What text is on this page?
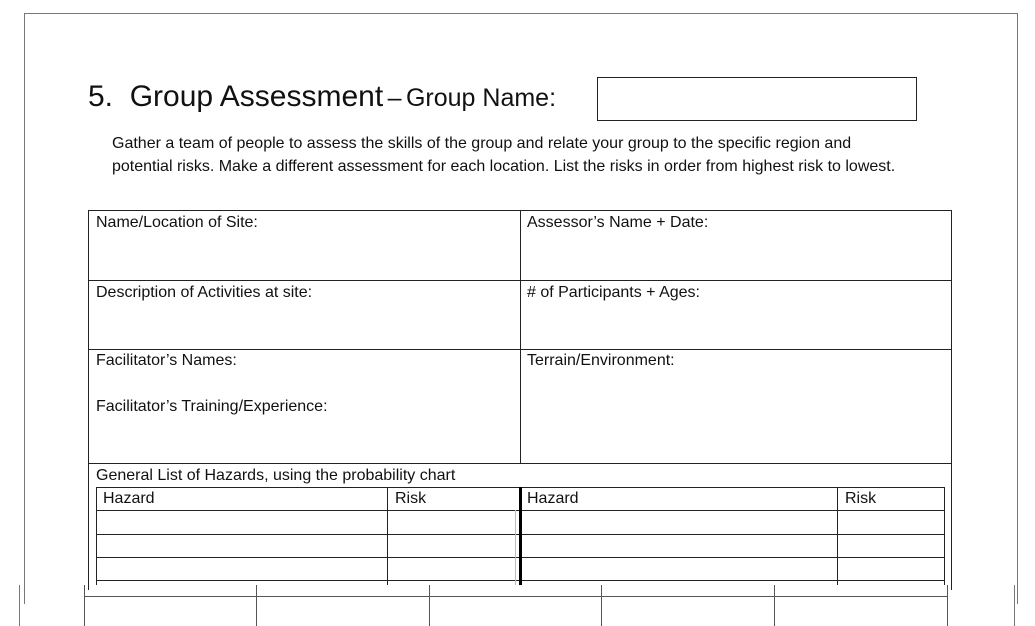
5. Group Assessment – Group Name:
Gather a team of people to assess the skills of the group and relate your group to the specific region and potential risks. Make a different assessment for each location. List the risks in order from highest risk to lowest.
Name/Location of Site:	Assessor’s Name + Date:
Description of Activities at site:	# of Participants + Ages:
Facilitator’s Names:	Terrain/Environment:
Facilitator’s Training/Experience:
General List of Hazards, using the probability chart
Hazard	Risk	Hazard	Risk
